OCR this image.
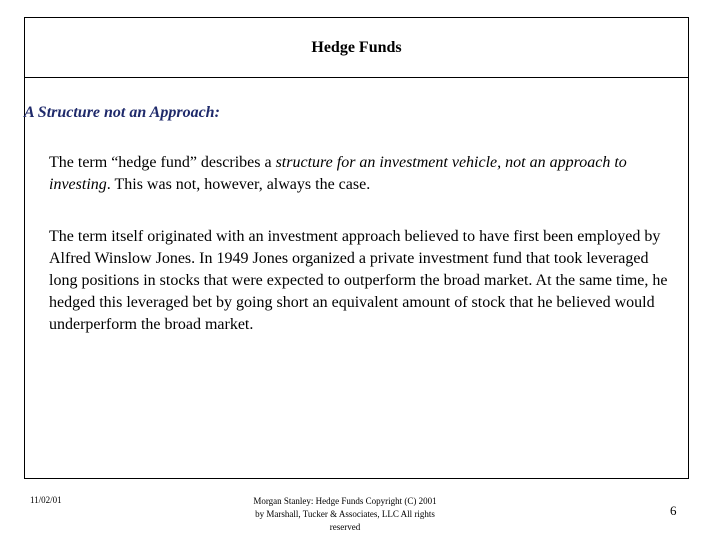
Hedge Funds

A Structure not an Approach:

The term “hedge fund” describes a structure for an investment vehicle, not an approach to investing. This was not, however, always the case.

The term itself originated with an investment approach believed to have first been employed by Alfred Winslow Jones. In 1949 Jones organized a private investment fund that took leveraged long positions in stocks that were expected to outperform the broad market. At the same time, he hedged this leveraged bet by going short an equivalent amount of stock that he believed would underperform the broad market.

11/02/01	Morgan Stanley: Hedge Funds Copyright (C) 2001
by Marshall, Tucker & Associates, LLC All rights
reserved
6
